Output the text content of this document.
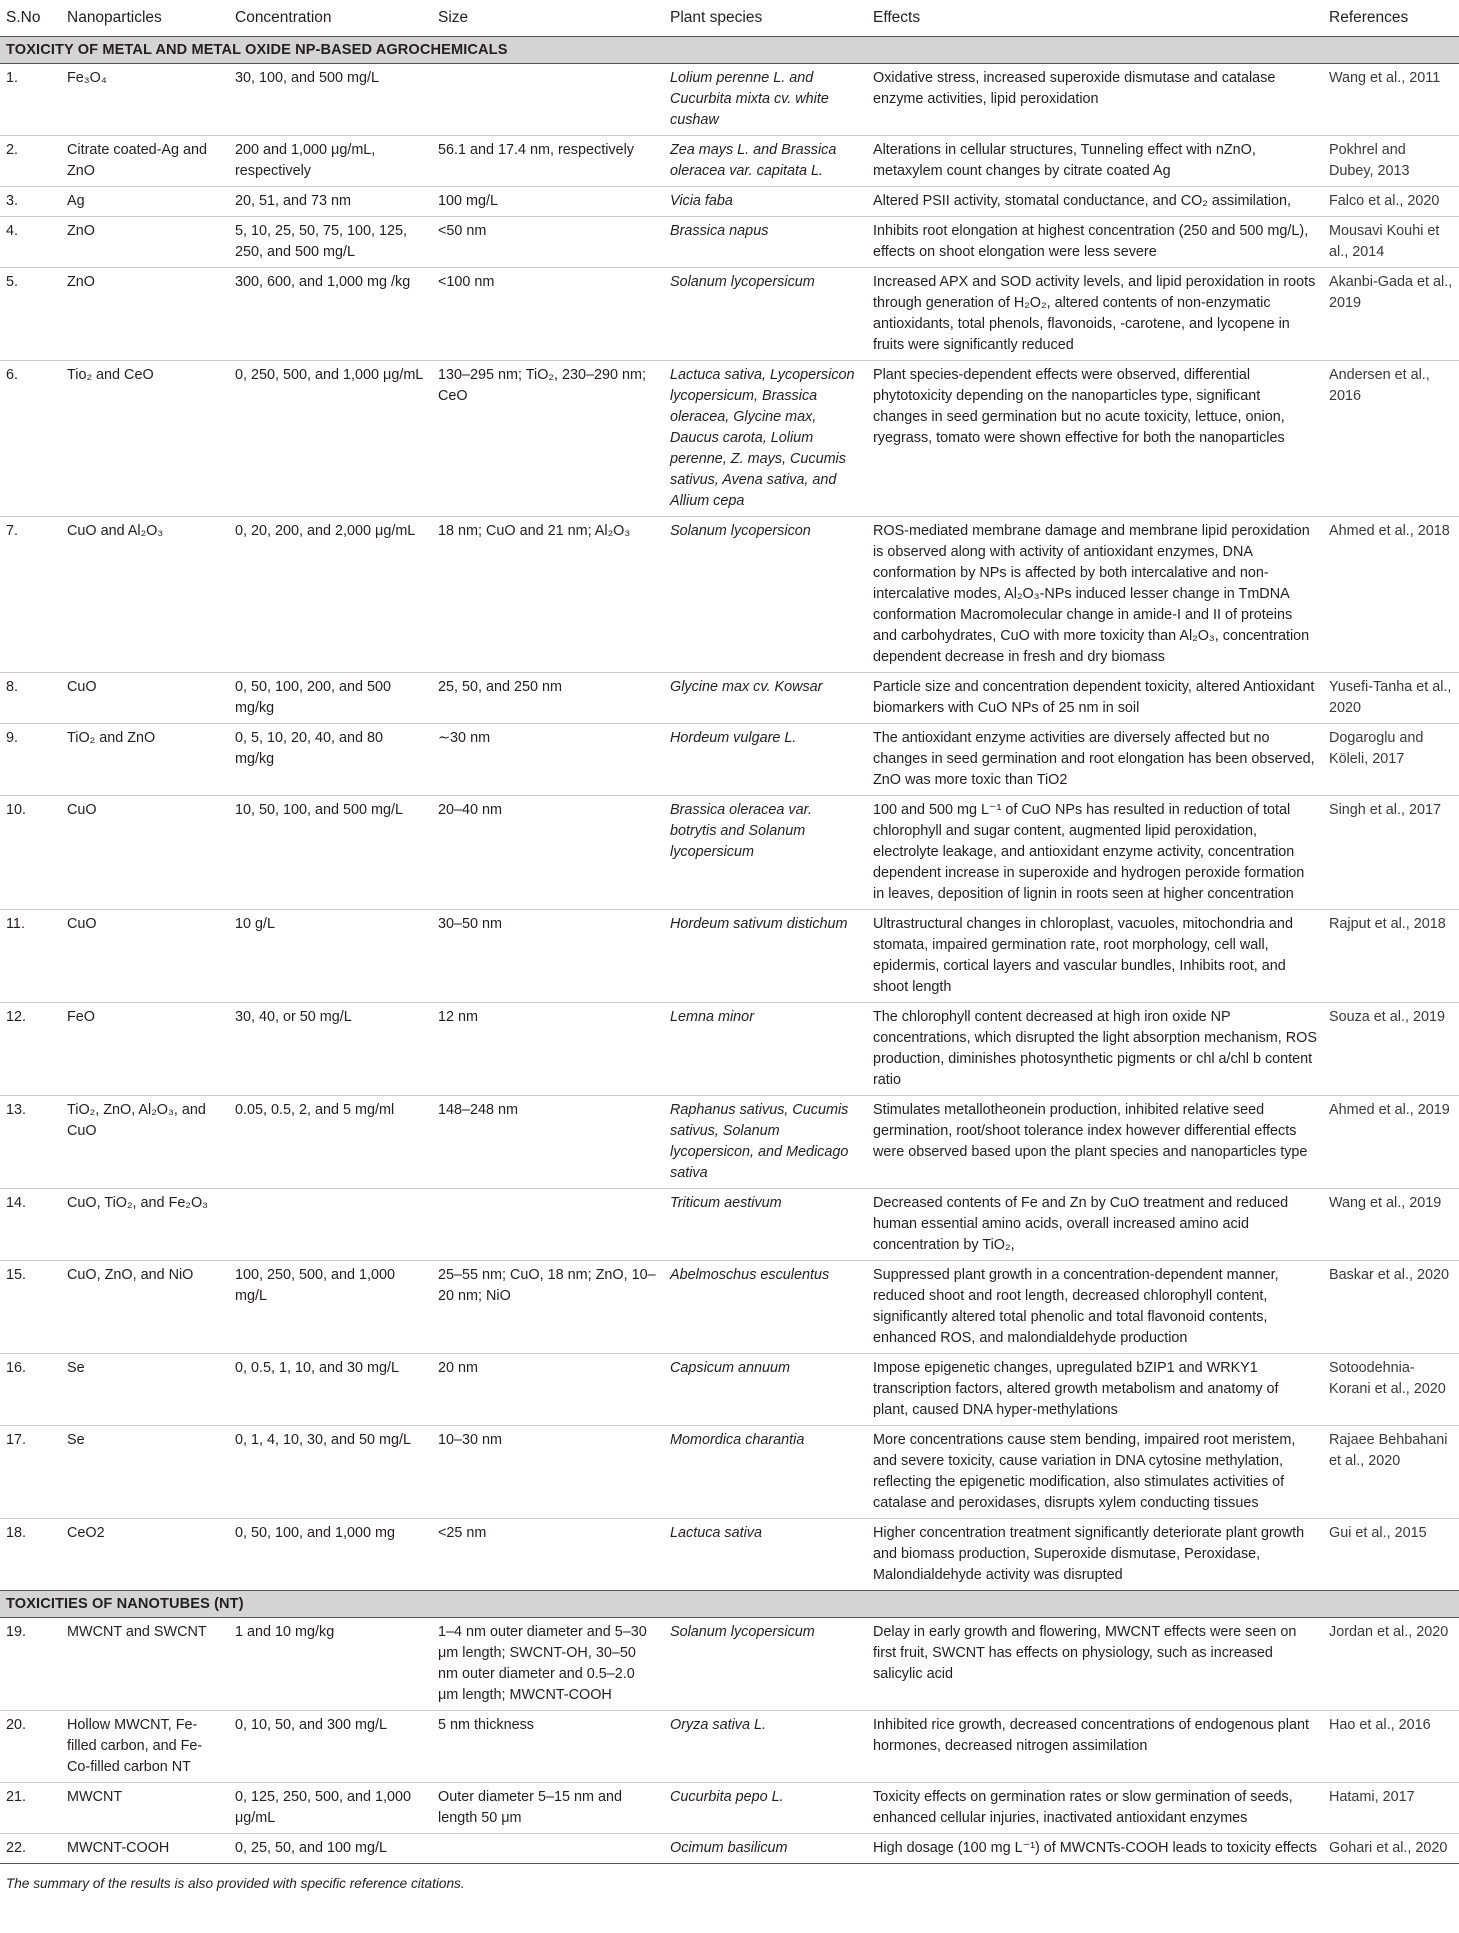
S.No	Nanoparticles	Concentration	Size	Plant species	Effects	References
TOXICITY OF METAL AND METAL OXIDE NP-BASED AGROCHEMICALS						
1.	Fe₃O₄	30, 100, and 500 mg/L		Lolium perenne L. and Cucurbita mixta cv. white cushaw	Oxidative stress, increased superoxide dismutase and catalase enzyme activities, lipid peroxidation	Wang et al., 2011
2.	Citrate coated-Ag and ZnO	200 and 1,000 μg/mL, respectively	56.1 and 17.4 nm, respectively	Zea mays L. and Brassica oleracea var. capitata L.	Alterations in cellular structures, Tunneling effect with nZnO, metaxylem count changes by citrate coated Ag	Pokhrel and Dubey, 2013
3.	Ag	20, 51, and 73 nm	100 mg/L	Vicia faba	Altered PSII activity, stomatal conductance, and CO₂ assimilation,	Falco et al., 2020
4.	ZnO	5, 10, 25, 50, 75, 100, 125, 250, and 500 mg/L	<50 nm	Brassica napus	Inhibits root elongation at highest concentration (250 and 500 mg/L), effects on shoot elongation were less severe	Mousavi Kouhi et al., 2014
5.	ZnO	300, 600, and 1,000 mg /kg	<100 nm	Solanum lycopersicum	Increased APX and SOD activity levels, and lipid peroxidation in roots through generation of H₂O₂, altered contents of non-enzymatic antioxidants, total phenols, flavonoids, -carotene, and lycopene in fruits were significantly reduced	Akanbi-Gada et al., 2019
6.	Tio₂ and CeO	0, 250, 500, and 1,000 μg/mL	130–295 nm; TiO₂, 230–290 nm; CeO	Lactuca sativa, Lycopersicon lycopersicum, Brassica oleracea, Glycine max, Daucus carota, Lolium perenne, Z. mays, Cucumis sativus, Avena sativa, and Allium cepa	Plant species-dependent effects were observed, differential phytotoxicity depending on the nanoparticles type, significant changes in seed germination but no acute toxicity, lettuce, onion, ryegrass, tomato were shown effective for both the nanoparticles	Andersen et al., 2016
7.	CuO and Al₂O₃	0, 20, 200, and 2,000 μg/mL	18 nm; CuO and 21 nm; Al₂O₃	Solanum lycopersicon	ROS-mediated membrane damage and membrane lipid peroxidation is observed along with activity of antioxidant enzymes, DNA conformation by NPs is affected by both intercalative and non-intercalative modes, Al₂O₃-NPs induced lesser change in TmDNA conformation Macromolecular change in amide-I and II of proteins and carbohydrates, CuO with more toxicity than Al₂O₃, concentration dependent decrease in fresh and dry biomass	Ahmed et al., 2018
8.	CuO	0, 50, 100, 200, and 500 mg/kg	25, 50, and 250 nm	Glycine max cv. Kowsar	Particle size and concentration dependent toxicity, altered Antioxidant biomarkers with CuO NPs of 25 nm in soil	Yusefi-Tanha et al., 2020
9.	TiO₂ and ZnO	0, 5, 10, 20, 40, and 80 mg/kg	∼30 nm	Hordeum vulgare L.	The antioxidant enzyme activities are diversely affected but no changes in seed germination and root elongation has been observed, ZnO was more toxic than TiO2	Dogaroglu and Köleli, 2017
10.	CuO	10, 50, 100, and 500 mg/L	20–40 nm	Brassica oleracea var. botrytis and Solanum lycopersicum	100 and 500 mg L⁻¹ of CuO NPs has resulted in reduction of total chlorophyll and sugar content, augmented lipid peroxidation, electrolyte leakage, and antioxidant enzyme activity, concentration dependent increase in superoxide and hydrogen peroxide formation in leaves, deposition of lignin in roots seen at higher concentration	Singh et al., 2017
11.	CuO	10 g/L	30–50 nm	Hordeum sativum distichum	Ultrastructural changes in chloroplast, vacuoles, mitochondria and stomata, impaired germination rate, root morphology, cell wall, epidermis, cortical layers and vascular bundles, Inhibits root, and shoot length	Rajput et al., 2018
12.	FeO	30, 40, or 50 mg/L	12 nm	Lemna minor	The chlorophyll content decreased at high iron oxide NP concentrations, which disrupted the light absorption mechanism, ROS production, diminishes photosynthetic pigments or chl a/chl b content ratio	Souza et al., 2019
13.	TiO₂, ZnO, Al₂O₃, and CuO	0.05, 0.5, 2, and 5 mg/ml	148–248 nm	Raphanus sativus, Cucumis sativus, Solanum lycopersicon, and Medicago sativa	Stimulates metallotheonein production, inhibited relative seed germination, root/shoot tolerance index however differential effects were observed based upon the plant species and nanoparticles type	Ahmed et al., 2019
14.	CuO, TiO₂, and Fe₂O₃			Triticum aestivum	Decreased contents of Fe and Zn by CuO treatment and reduced human essential amino acids, overall increased amino acid concentration by TiO₂,	Wang et al., 2019
15.	CuO, ZnO, and NiO	100, 250, 500, and 1,000 mg/L	25–55 nm; CuO, 18 nm; ZnO, 10–20 nm; NiO	Abelmoschus esculentus	Suppressed plant growth in a concentration-dependent manner, reduced shoot and root length, decreased chlorophyll content, significantly altered total phenolic and total flavonoid contents, enhanced ROS, and malondialdehyde production	Baskar et al., 2020
16.	Se	0, 0.5, 1, 10, and 30 mg/L	20 nm	Capsicum annuum	Impose epigenetic changes, upregulated bZIP1 and WRKY1 transcription factors, altered growth metabolism and anatomy of plant, caused DNA hyper-methylations	Sotoodehnia-Korani et al., 2020
17.	Se	0, 1, 4, 10, 30, and 50 mg/L	10–30 nm	Momordica charantia	More concentrations cause stem bending, impaired root meristem, and severe toxicity, cause variation in DNA cytosine methylation, reflecting the epigenetic modification, also stimulates activities of catalase and peroxidases, disrupts xylem conducting tissues	Rajaee Behbahani et al., 2020
18.	CeO2	0, 50, 100, and 1,000 mg	<25 nm	Lactuca sativa	Higher concentration treatment significantly deteriorate plant growth and biomass production, Superoxide dismutase, Peroxidase, Malondialdehyde activity was disrupted	Gui et al., 2015
TOXICITIES OF NANOTUBES (NT)						
19.	MWCNT and SWCNT	1 and 10 mg/kg	1–4 nm outer diameter and 5–30 μm length; SWCNT-OH, 30–50 nm outer diameter and 0.5–2.0 μm length; MWCNT-COOH	Solanum lycopersicum	Delay in early growth and flowering, MWCNT effects were seen on first fruit, SWCNT has effects on physiology, such as increased salicylic acid	Jordan et al., 2020
20.	Hollow MWCNT, Fe-filled carbon, and Fe-Co-filled carbon NT	0, 10, 50, and 300 mg/L	5 nm thickness	Oryza sativa L.	Inhibited rice growth, decreased concentrations of endogenous plant hormones, decreased nitrogen assimilation	Hao et al., 2016
21.	MWCNT	0, 125, 250, 500, and 1,000 μg/mL	Outer diameter 5–15 nm and length 50 μm	Cucurbita pepo L.	Toxicity effects on germination rates or slow germination of seeds, enhanced cellular injuries, inactivated antioxidant enzymes	Hatami, 2017
22.	MWCNT-COOH	0, 25, 50, and 100 mg/L		Ocimum basilicum	High dosage (100 mg L⁻¹) of MWCNTs-COOH leads to toxicity effects	Gohari et al., 2020
The summary of the results is also provided with specific reference citations.
